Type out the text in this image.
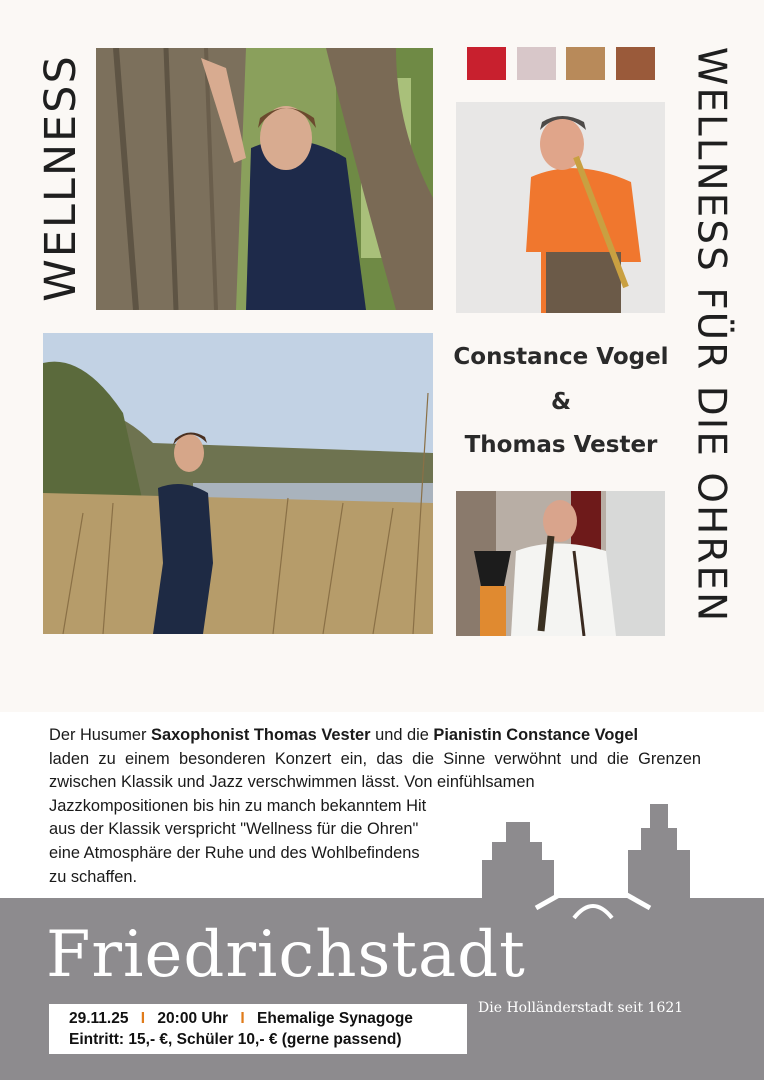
WELLNESS	WELLNESS FÜR DIE OHREN
Constance Vogel
&
Thomas Vester

Der Husumer Saxophonist Thomas Vester und die Pianistin Constance Vogel

laden zu einem besonderen Konzert ein, das die Sinne verwöhnt und die Grenzen zwischen Klassik und Jazz verschwimmen lässt. Von einfühlsamen

Jazzkompositionen bis hin zu manch bekanntem Hit

aus der Klassik verspricht "Wellness für die Ohren"

eine Atmosphäre der Ruhe und des Wohlbefindens

zu schaffen.

Friedrichstadt
Die Holländerstadt seit 1621
29.11.25 I 20:00 Uhr I Ehemalige Synagoge
Eintritt: 15,- €, Schüler 10,- € (gerne passend)
